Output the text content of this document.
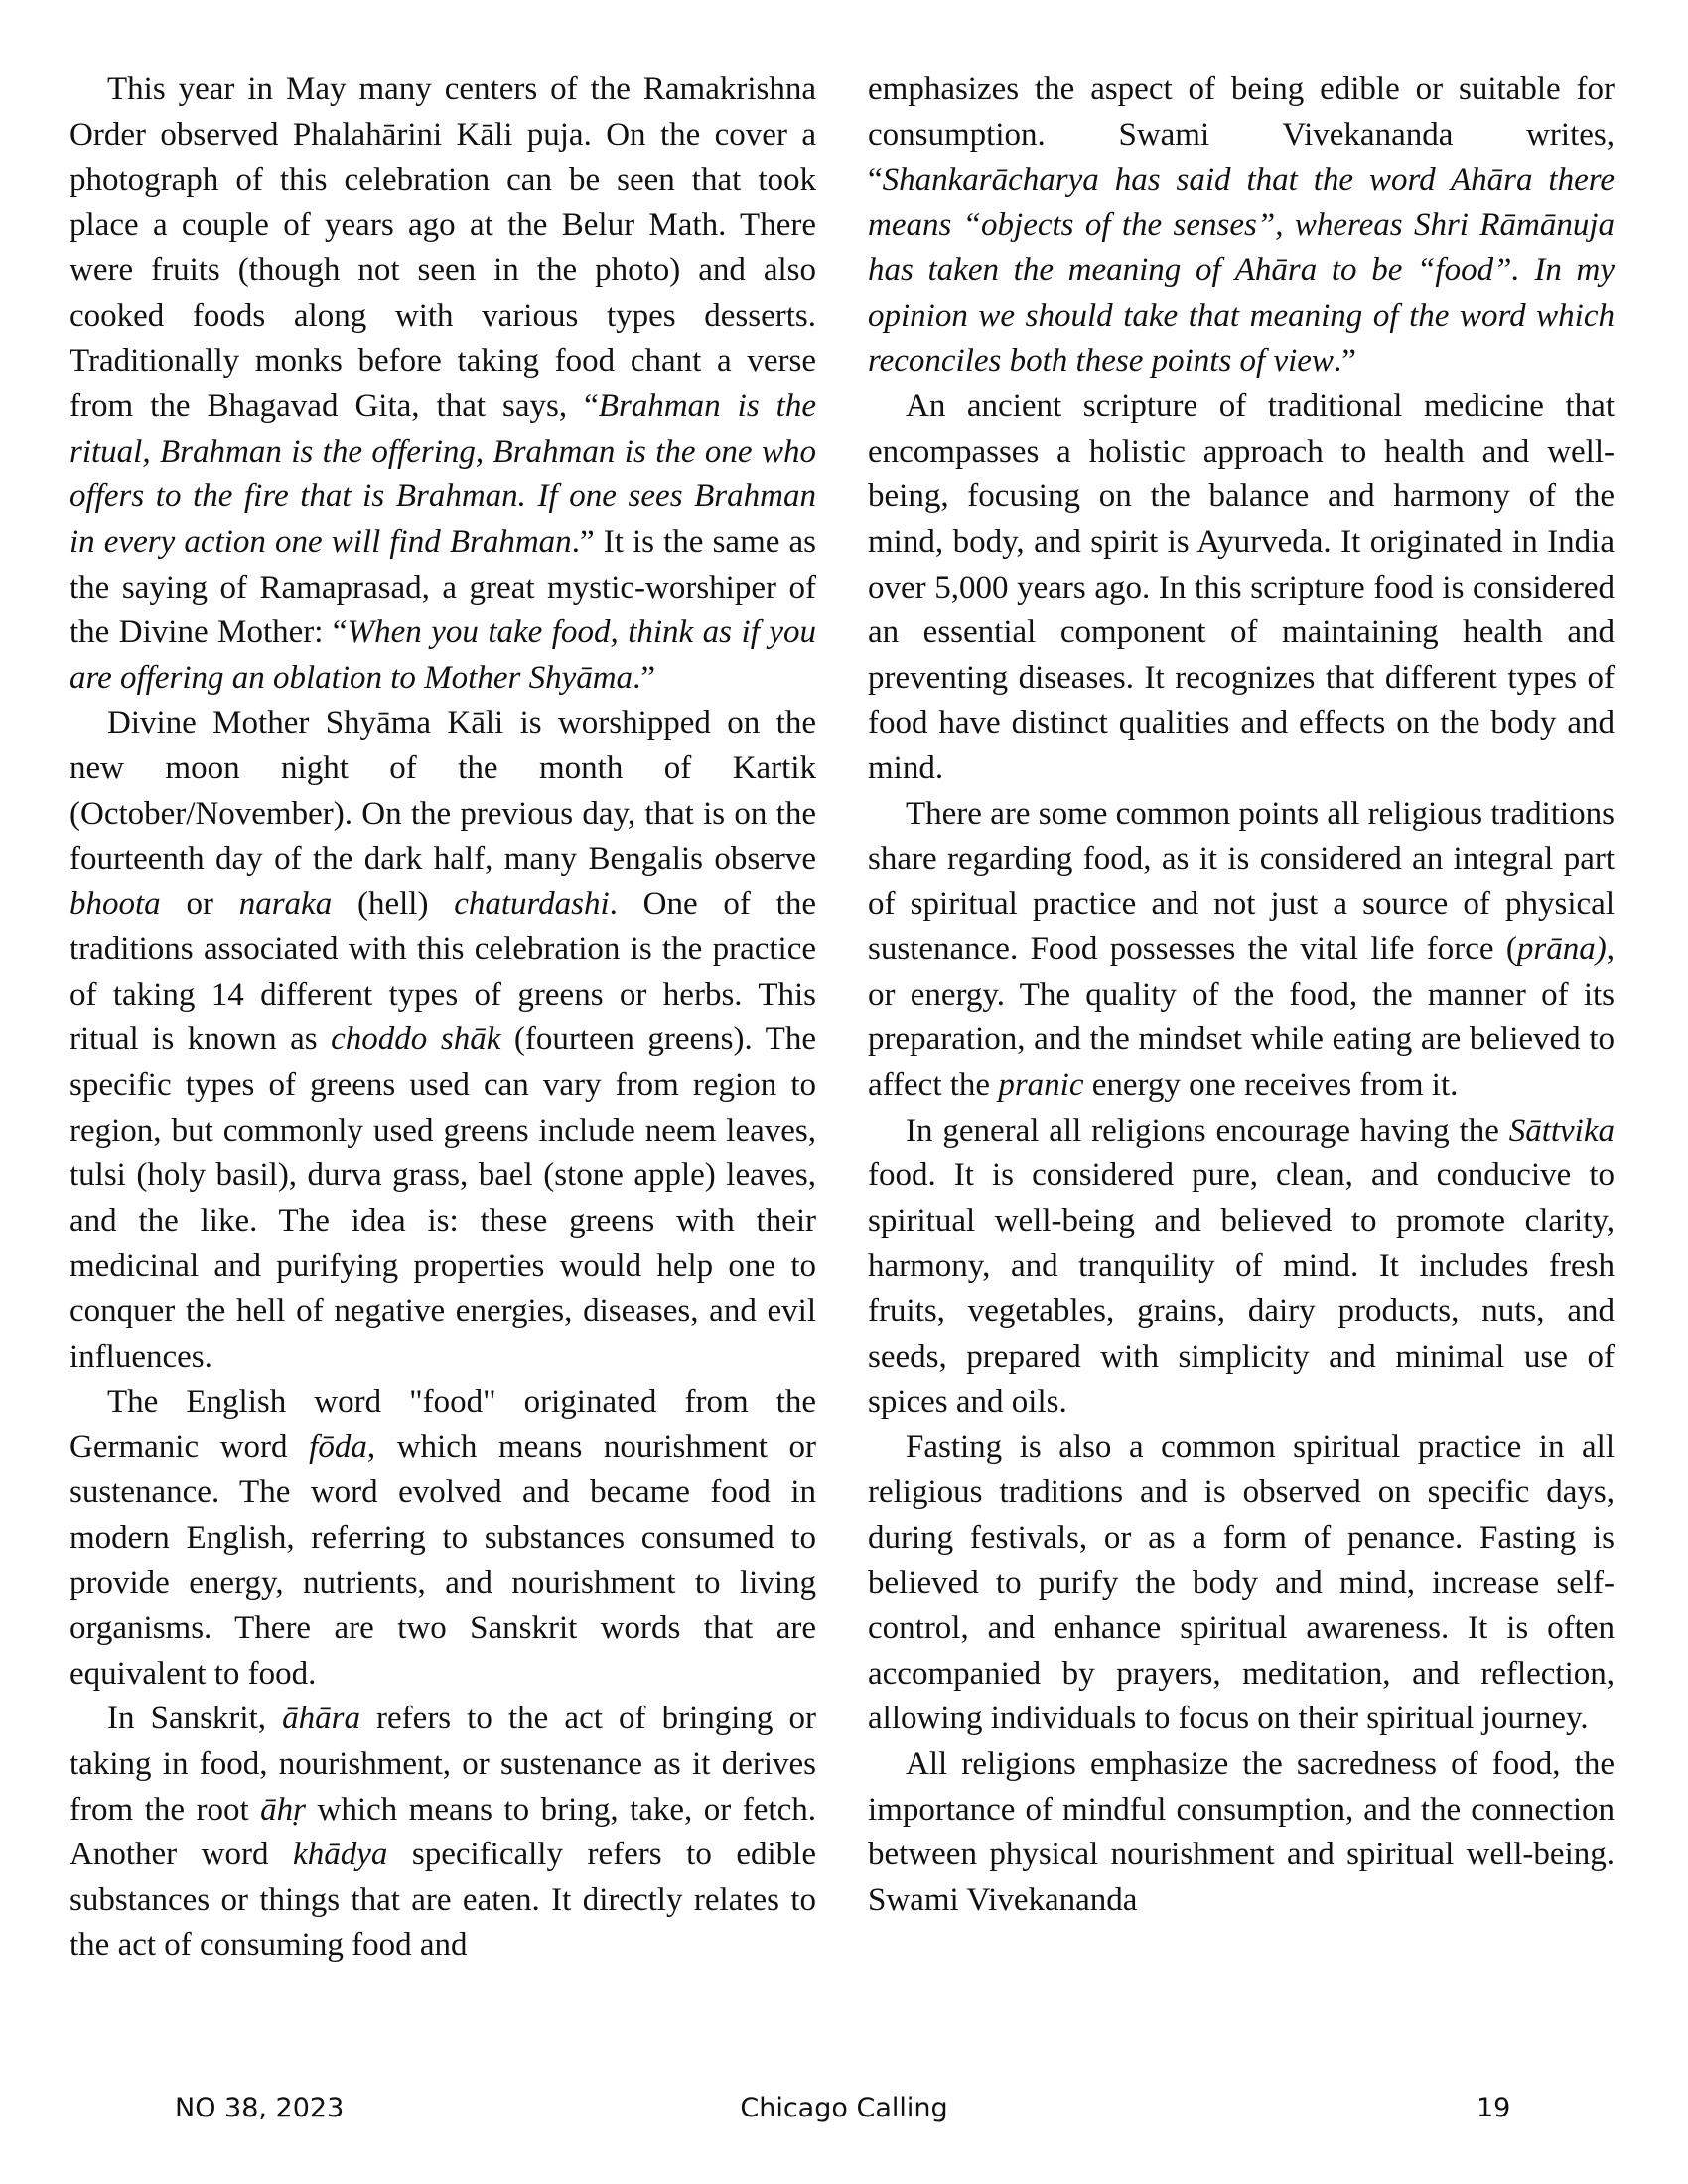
This year in May many centers of the Ramakrishna Order observed Phalahārini Kāli puja. On the cover a photograph of this celebration can be seen that took place a couple of years ago at the Belur Math. There were fruits (though not seen in the photo) and also cooked foods along with various types desserts. Traditionally monks before taking food chant a verse from the Bhagavad Gita, that says, “Brahman is the ritual, Brahman is the offering, Brahman is the one who offers to the fire that is Brahman. If one sees Brahman in every action one will find Brahman.” It is the same as the saying of Ramaprasad, a great mystic-worshiper of the Divine Mother: “When you take food, think as if you are offering an oblation to Mother Shyāma.”

Divine Mother Shyāma Kāli is worshipped on the new moon night of the month of Kartik (October/November). On the previous day, that is on the fourteenth day of the dark half, many Bengalis observe bhoota or naraka (hell) chaturdashi. One of the traditions associated with this celebration is the practice of taking 14 different types of greens or herbs. This ritual is known as choddo shāk (fourteen greens). The specific types of greens used can vary from region to region, but commonly used greens include neem leaves, tulsi (holy basil), durva grass, bael (stone apple) leaves, and the like. The idea is: these greens with their medicinal and purifying properties would help one to conquer the hell of negative energies, diseases, and evil influences.

The English word "food" originated from the Germanic word fōda, which means nourishment or sustenance. The word evolved and became food in modern English, referring to substances consumed to provide energy, nutrients, and nourishment to living organisms. There are two Sanskrit words that are equivalent to food.

In Sanskrit, āhāra refers to the act of bringing or taking in food, nourishment, or sustenance as it derives from the root āhṛ which means to bring, take, or fetch. Another word khādya specifically refers to edible substances or things that are eaten. It directly relates to the act of consuming food and

emphasizes the aspect of being edible or suitable for consumption. Swami Vivekananda writes, “Shankarācharya has said that the word Ahāra there means “objects of the senses”, whereas Shri Rāmānuja has taken the meaning of Ahāra to be “food”. In my opinion we should take that meaning of the word which reconciles both these points of view.”

An ancient scripture of traditional medicine that encompasses a holistic approach to health and well-being, focusing on the balance and harmony of the mind, body, and spirit is Ayurveda. It originated in India over 5,000 years ago. In this scripture food is considered an essential component of maintaining health and preventing diseases. It recognizes that different types of food have distinct qualities and effects on the body and mind.

There are some common points all religious traditions share regarding food, as it is considered an integral part of spiritual practice and not just a source of physical sustenance. Food possesses the vital life force (prāna), or energy. The quality of the food, the manner of its preparation, and the mindset while eating are believed to affect the pranic energy one receives from it.

In general all religions encourage having the Sāttvika food. It is considered pure, clean, and conducive to spiritual well-being and believed to promote clarity, harmony, and tranquility of mind. It includes fresh fruits, vegetables, grains, dairy products, nuts, and seeds, prepared with simplicity and minimal use of spices and oils.

Fasting is also a common spiritual practice in all religious traditions and is observed on specific days, during festivals, or as a form of penance. Fasting is believed to purify the body and mind, increase self-control, and enhance spiritual awareness. It is often accompanied by prayers, meditation, and reflection, allowing individuals to focus on their spiritual journey.

All religions emphasize the sacredness of food, the importance of mindful consumption, and the connection between physical nourishment and spiritual well-being. Swami Vivekananda

NO 38, 2023	Chicago Calling	19
